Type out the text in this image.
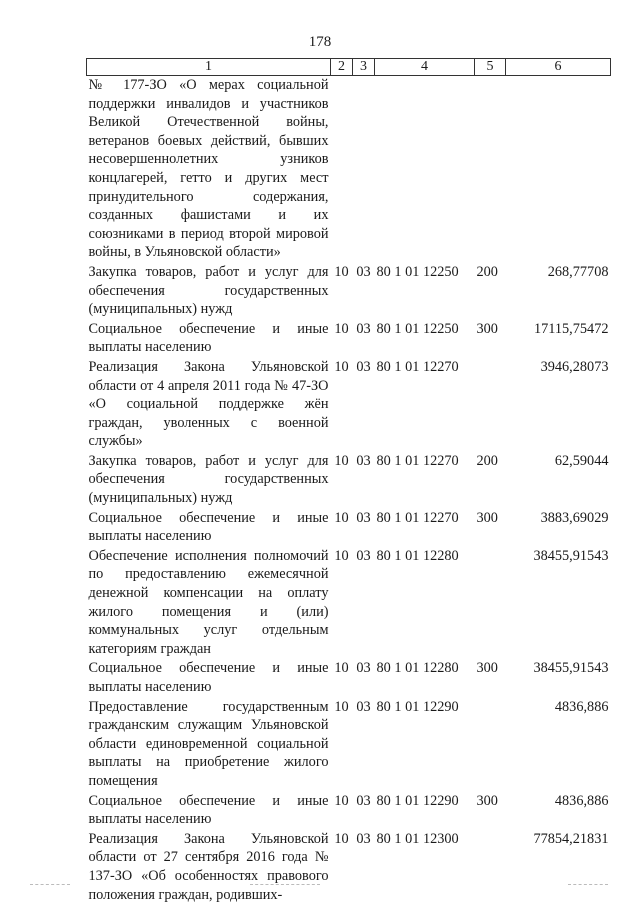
178
1	2	3	4	5	6
№ 177-ЗО «О мерах социальной поддержки инвалидов и участников Великой Отечественной войны, ветеранов боевых действий, бывших несовершеннолетних узников концлагерей, гетто и других мест принудительного содержания, созданных фашистами и их союзниками в период второй мировой войны, в Ульяновской области»					
Закупка товаров, работ и услуг для обеспечения государственных (муниципальных) нужд	10	03	80 1 01 12250	200	268,77708
Социальное обеспечение и иные выплаты населению	10	03	80 1 01 12250	300	17115,75472
Реализация Закона Ульяновской области от 4 апреля 2011 года № 47-ЗО «О социальной поддержке жён граждан, уволенных с военной службы»	10	03	80 1 01 12270		3946,28073
Закупка товаров, работ и услуг для обеспечения государственных (муниципальных) нужд	10	03	80 1 01 12270	200	62,59044
Социальное обеспечение и иные выплаты населению	10	03	80 1 01 12270	300	3883,69029
Обеспечение исполнения полномочий по предоставлению ежемесячной денежной компенсации на оплату жилого помещения и (или) коммунальных услуг отдельным категориям граждан	10	03	80 1 01 12280		38455,91543
Социальное обеспечение и иные выплаты населению	10	03	80 1 01 12280	300	38455,91543
Предоставление государственным гражданским служащим Ульяновской области единовременной социальной выплаты на приобретение жилого помещения	10	03	80 1 01 12290		4836,886
Социальное обеспечение и иные выплаты населению	10	03	80 1 01 12290	300	4836,886
Реализация Закона Ульяновской области от 27 сентября 2016 года № 137-ЗО «Об особенностях правового положения граждан, родивших-	10	03	80 1 01 12300		77854,21831
